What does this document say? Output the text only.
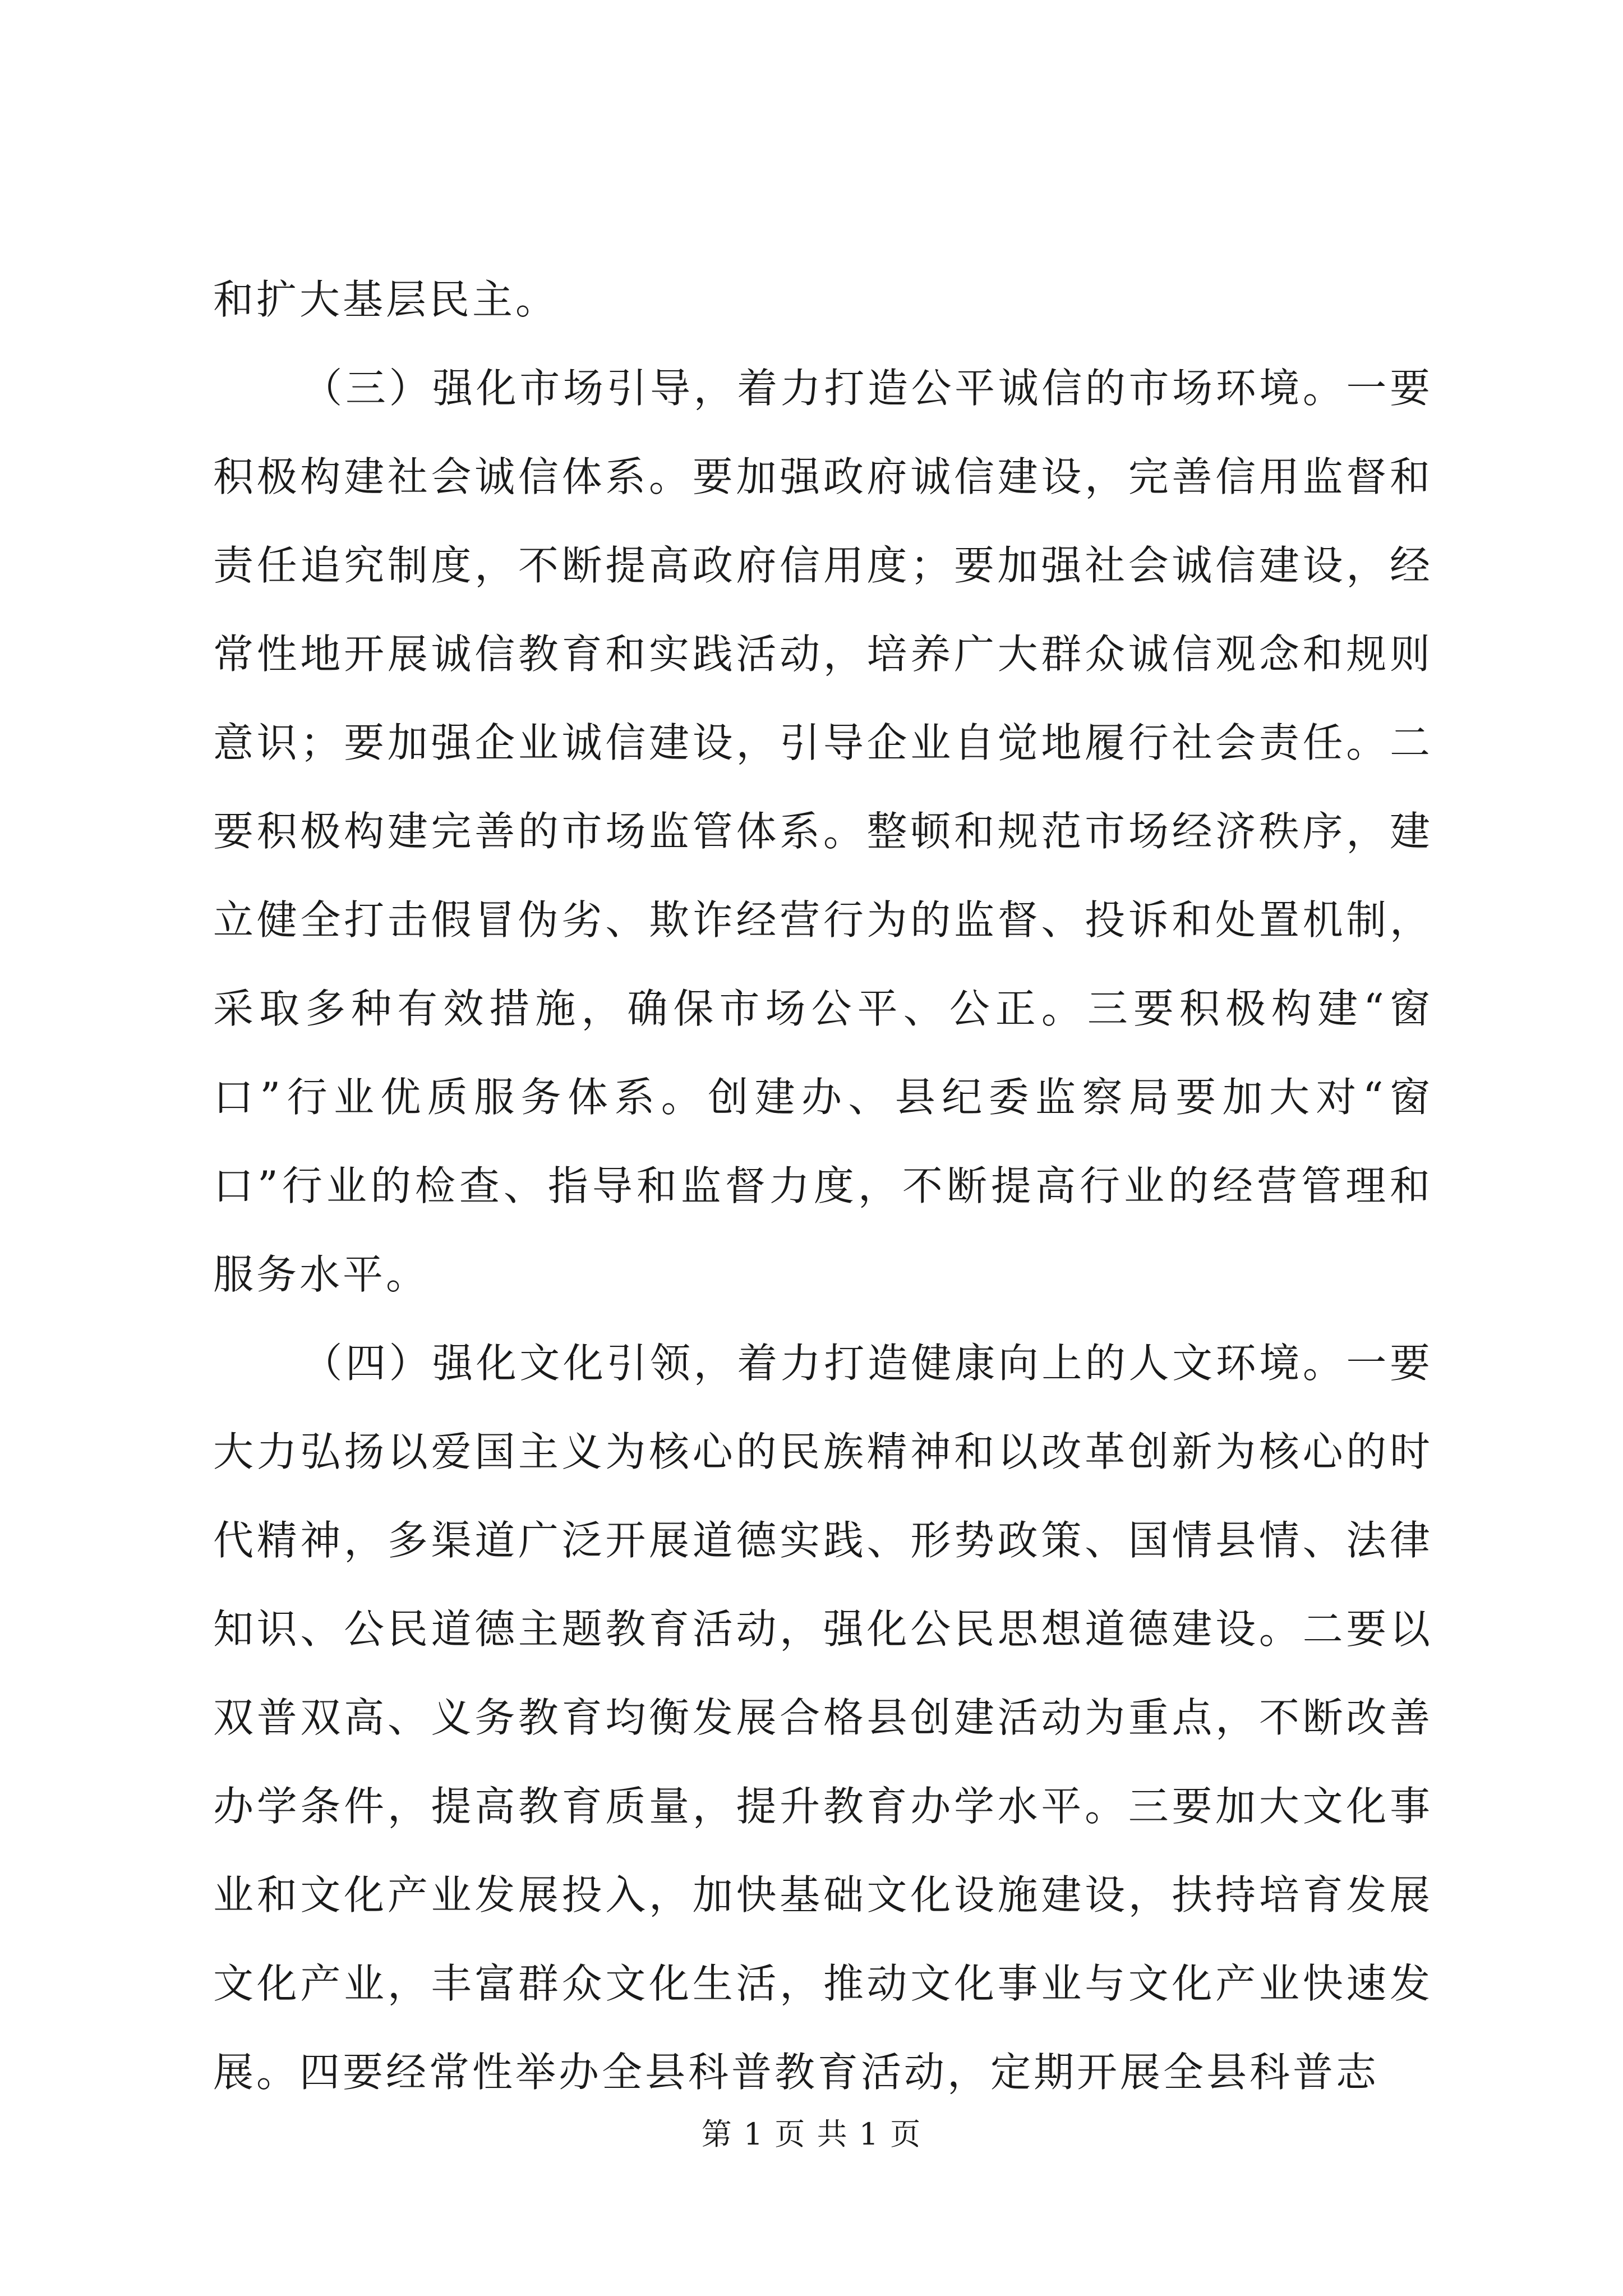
和扩大基层民主。

（三）强化市场引导，着力打造公平诚信的市场环境。一要积极构建社会诚信体系。要加强政府诚信建设，完善信用监督和责任追究制度，不断提高政府信用度；要加强社会诚信建设，经常性地开展诚信教育和实践活动，培养广大群众诚信观念和规则意识；要加强企业诚信建设，引导企业自觉地履行社会责任。二要积极构建完善的市场监管体系。整顿和规范市场经济秩序，建立健全打击假冒伪劣、欺诈经营行为的监督、投诉和处置机制，采取多种有效措施，确保市场公平、公正。三要积极构建“窗口”行业优质服务体系。创建办、县纪委监察局要加大对“窗口”行业的检查、指导和监督力度，不断提高行业的经营管理和服务水平。

（四）强化文化引领，着力打造健康向上的人文环境。一要大力弘扬以爱国主义为核心的民族精神和以改革创新为核心的时代精神，多渠道广泛开展道德实践、形势政策、国情县情、法律知识、公民道德主题教育活动，强化公民思想道德建设。二要以双普双高、义务教育均衡发展合格县创建活动为重点，不断改善办学条件，提高教育质量，提升教育办学水平。三要加大文化事业和文化产业发展投入，加快基础文化设施建设，扶持培育发展文化产业，丰富群众文化生活，推动文化事业与文化产业快速发展。四要经常性举办全县科普教育活动，定期开展全县科普志

第 1 页 共 1 页
